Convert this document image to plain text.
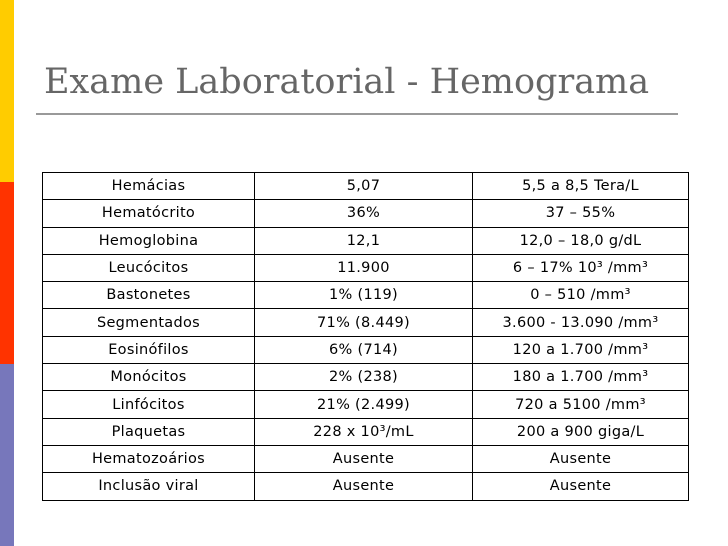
Exame Laboratorial - Hemograma
Hemácias	5,07	5,5 a 8,5 Tera/L
Hematócrito	36%	37 – 55%
Hemoglobina	12,1	12,0 – 18,0 g/dL
Leucócitos	11.900	6 – 17% 10³ /mm³
Bastonetes	1% (119)	0 – 510 /mm³
Segmentados	71% (8.449)	3.600 - 13.090 /mm³
Eosinófilos	6% (714)	120 a 1.700 /mm³
Monócitos	2% (238)	180 a 1.700 /mm³
Linfócitos	21% (2.499)	720 a 5100 /mm³
Plaquetas	228 x 10³/mL	200 a 900 giga/L
Hematozoários	Ausente	Ausente
Inclusão viral	Ausente	Ausente
